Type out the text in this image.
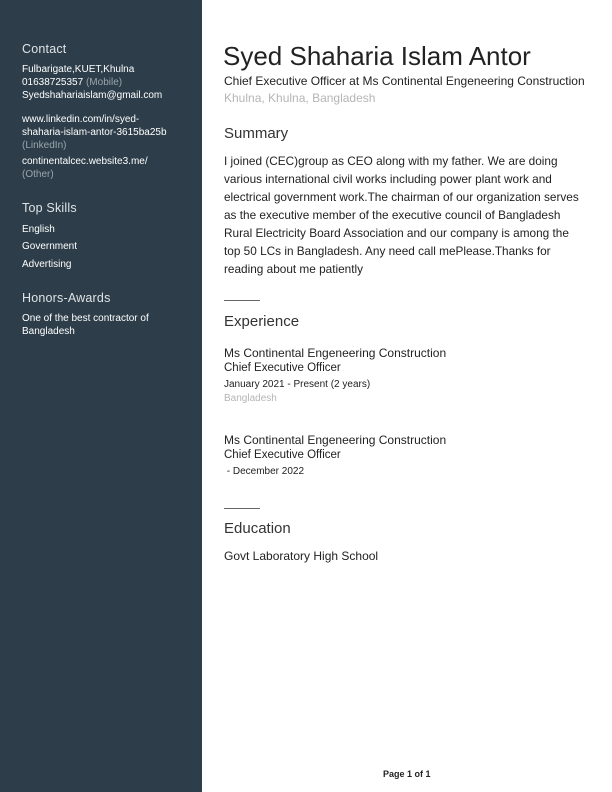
Contact
Fulbarigate,KUET,Khulna
01638725357 (Mobile)
Syedshahariaislam@gmail.com
www.linkedin.com/in/syed-
shaharia-islam-antor-3615ba25b
(LinkedIn)
continentalcec.website3.me/
(Other)
Top Skills
English
Government
Advertising
Honors-Awards
One of the best contractor of
Bangladesh
Syed Shaharia Islam Antor
Chief Executive Officer at Ms Continental Engeneering Construction
Khulna, Khulna, Bangladesh
Summary
I joined (CEC)group as CEO along with my father. We are doing
various international civil works including power plant work and
electrical government work.The chairman of our organization serves
as the executive member of the executive council of Bangladesh
Rural Electricity Board Association and our company is among the
top 50 LCs in Bangladesh. Any need call mePlease.Thanks for
reading about me patiently
Experience
Ms Continental Engeneering Construction
Chief Executive Officer
January 2021 - Present (2 years)
Bangladesh
Ms Continental Engeneering Construction
Chief Executive Officer
- December 2022
Education
Govt Laboratory High School
Page 1 of 1
